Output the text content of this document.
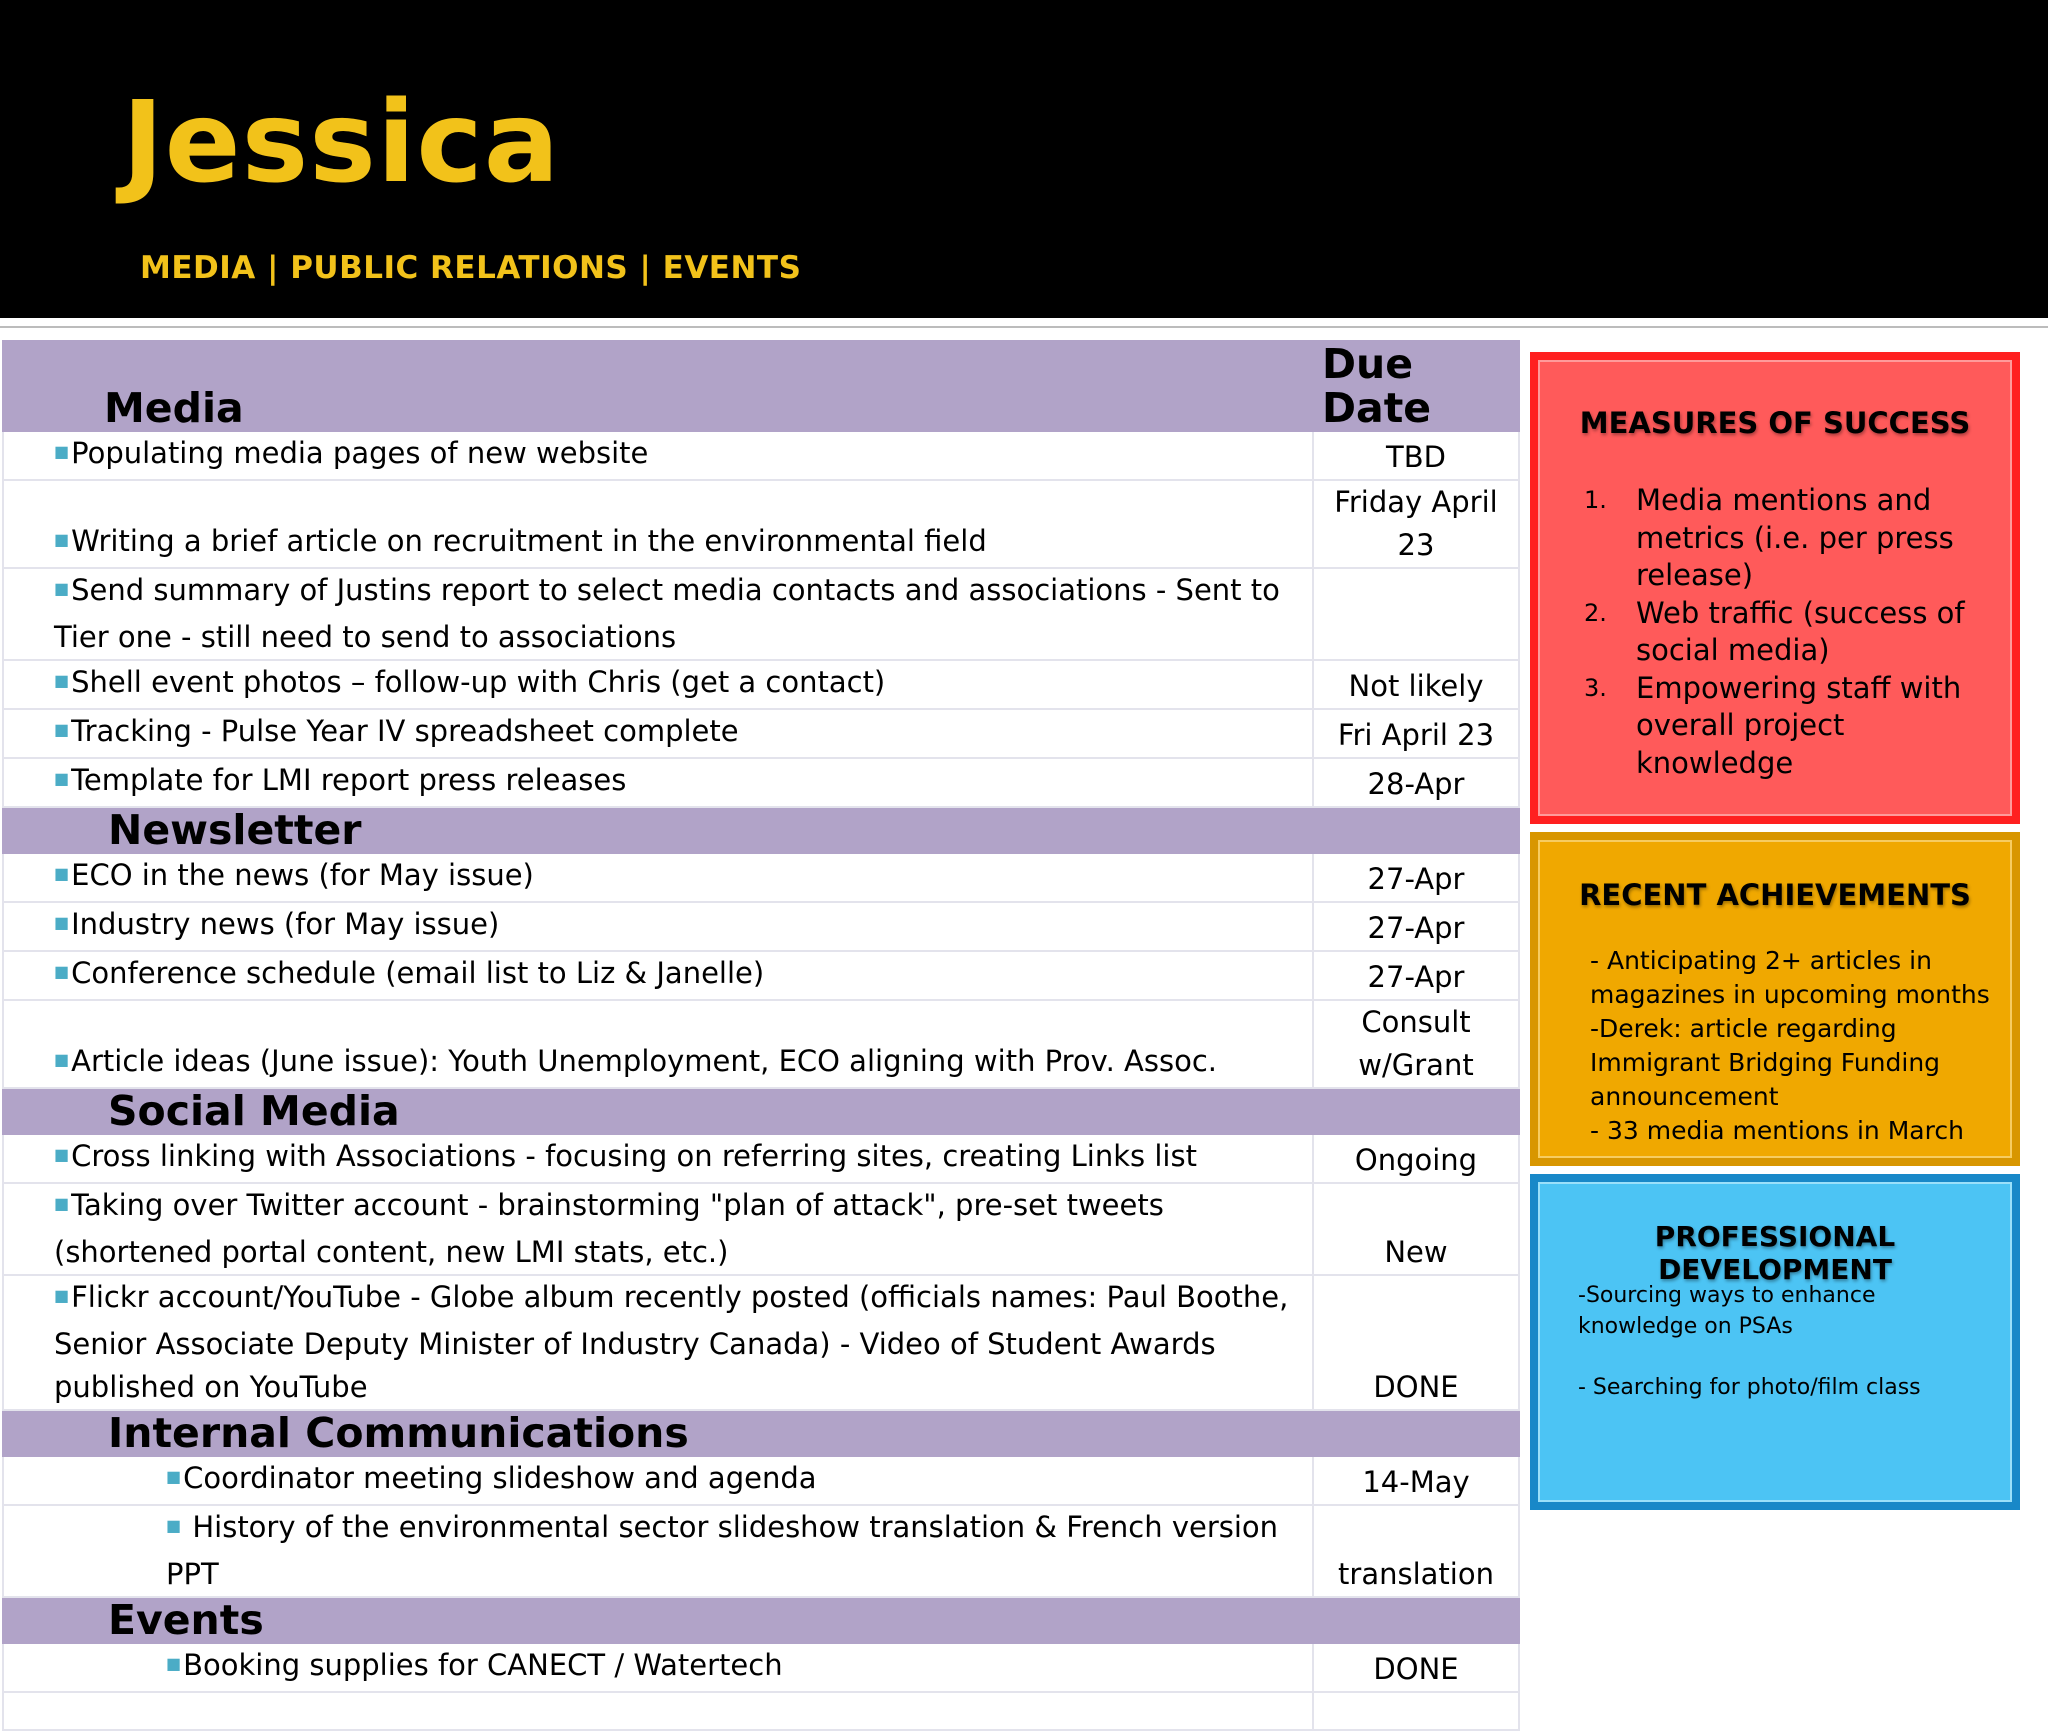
Jessica
MEDIA | PUBLIC RELATIONS | EVENTS
Media	Due Date
■Populating media pages of new website	TBD
■Writing a brief article on recruitment in the environmental field	Friday April 23
■Send summary of Justins report to select media contacts and associations - Sent to Tier one - still need to send to associations	
■Shell event photos – follow-up with Chris (get a contact)	Not likely
■Tracking - Pulse Year IV spreadsheet complete	Fri April 23
■Template for LMI report press releases	28-Apr
Newsletter	
■ECO in the news (for May issue)	27-Apr
■Industry news (for May issue)	27-Apr
■Conference schedule (email list to Liz & Janelle)	27-Apr
■Article ideas (June issue): Youth Unemployment, ECO aligning with Prov. Assoc.	Consult w/Grant
Social Media	
■Cross linking with Associations - focusing on referring sites, creating Links list	Ongoing
■Taking over Twitter account - brainstorming "plan of attack", pre-set tweets (shortened portal content, new LMI stats, etc.)	New
■Flickr account/YouTube - Globe album recently posted (officials names: Paul Boothe, Senior Associate Deputy Minister of Industry Canada) - Video of Student Awards published on YouTube	DONE
Internal Communications	
■Coordinator meeting slideshow and agenda	14-May
■ History of the environmental sector slideshow translation & French version PPT	translation
Events	
■Booking supplies for CANECT / Watertech	DONE

MEASURES OF SUCCESS
1. Media mentions and metrics (i.e. per press release)
2. Web traffic (success of social media)
3. Empowering staff with overall project knowledge
RECENT ACHIEVEMENTS
- Anticipating 2+ articles in magazines in upcoming months
-Derek: article regarding Immigrant Bridging Funding announcement
- 33 media mentions in March
PROFESSIONAL DEVELOPMENT
-Sourcing ways to enhance knowledge on PSAs
- Searching for photo/film class
